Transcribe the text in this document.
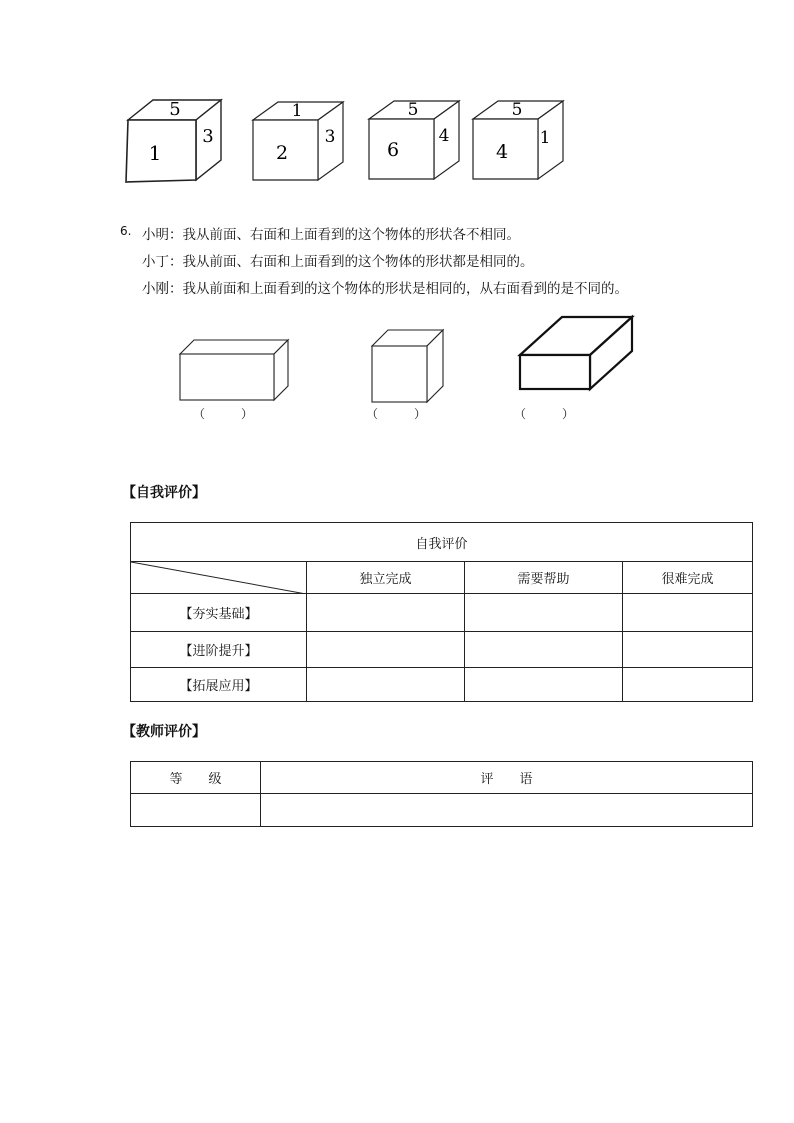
5
3
1
1
3
2
5
4
6
5
1
4
6. 小明：我从前面、右面和上面看到的这个物体的形状各不相同。
小丁：我从前面、右面和上面看到的这个物体的形状都是相同的。
小刚：我从前面和上面看到的这个物体的形状是相同的，从右面看到的是不同的。
（　　　）	（　　　）	（　　　）
【自我评价】
自我评价			

	独立完成	需要帮助	很难完成
【夯实基础】			
【进阶提升】			
【拓展应用】			
【教师评价】
等　　级	评　　语
